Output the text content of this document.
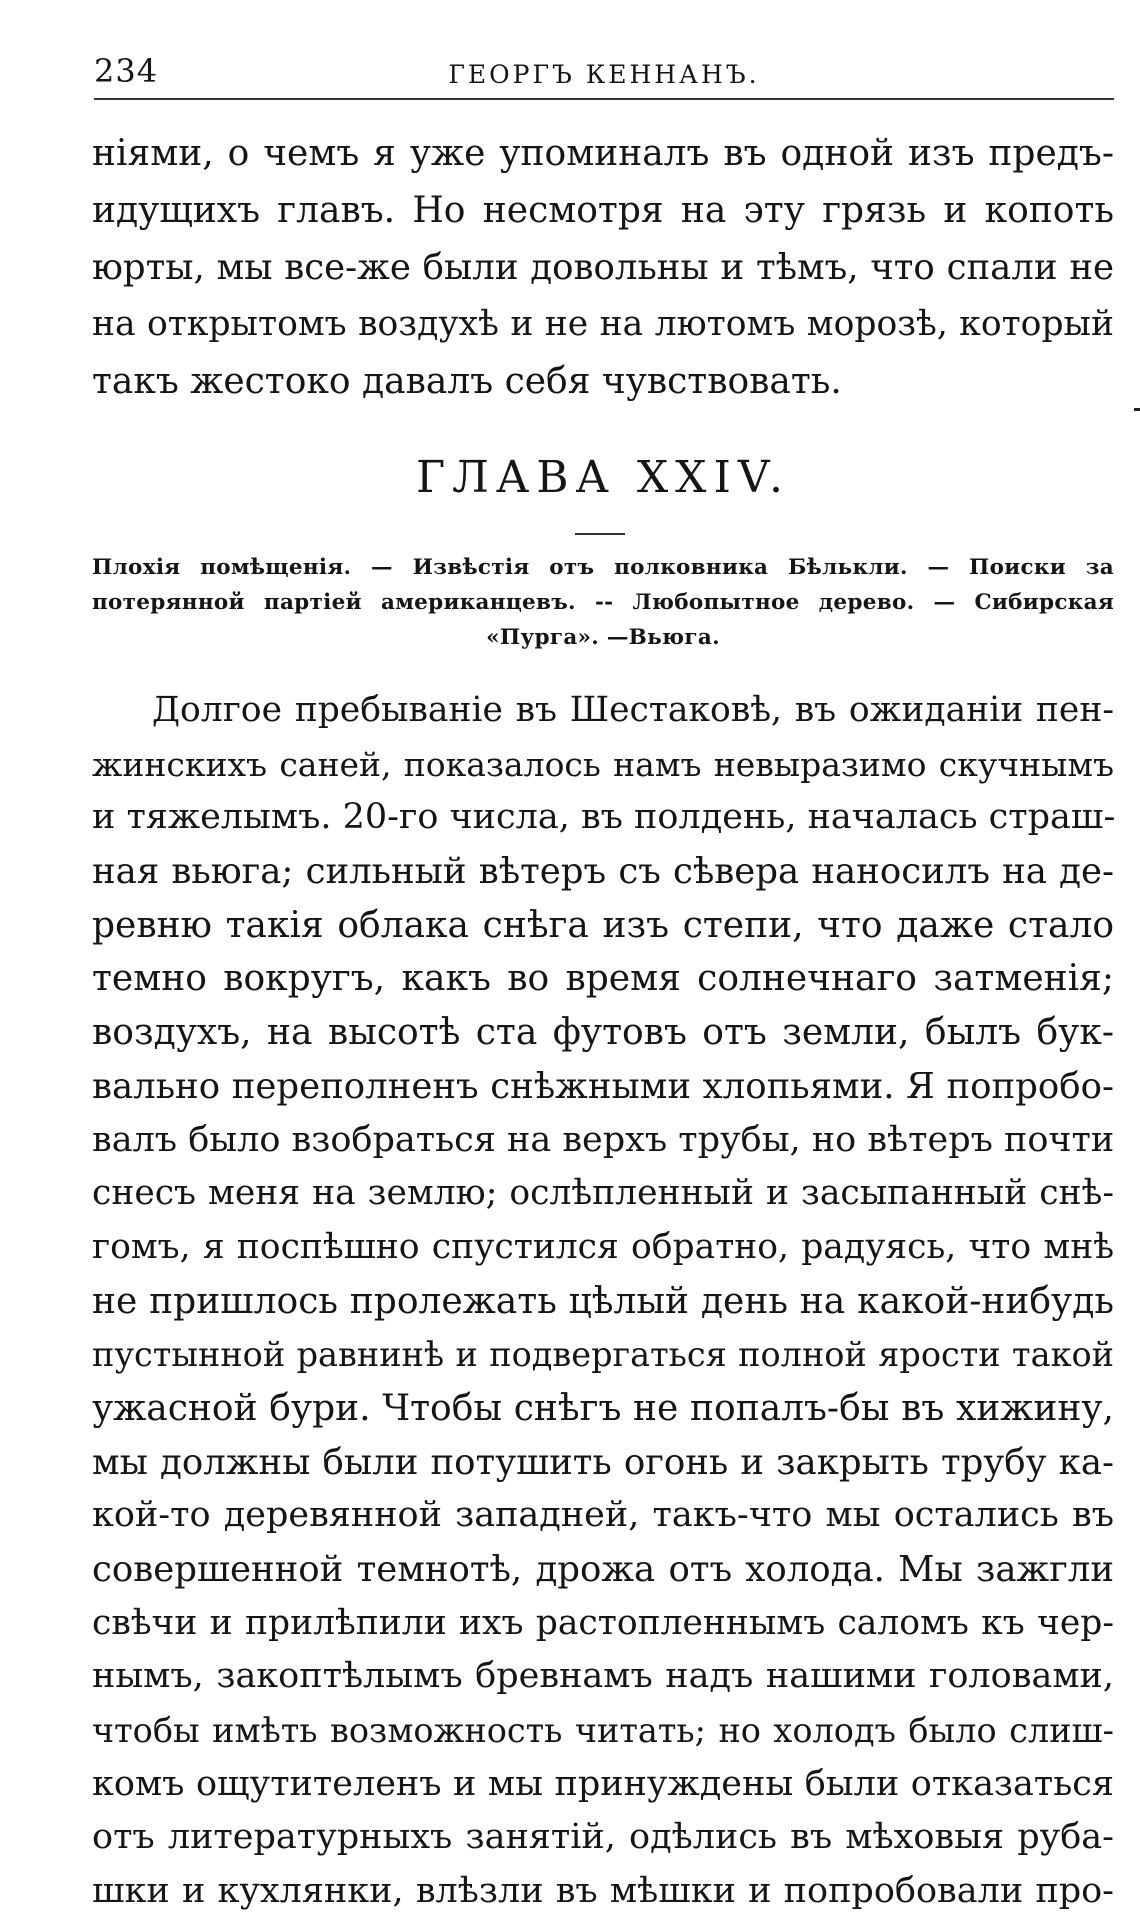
234	ГЕОРГЪ КЕННАНЪ.
ніями, о чемъ я уже упоминалъ въ одной изъ предъ-
идущихъ главъ. Но несмотря на эту грязь и копоть
юрты, мы все-же были довольны и тѣмъ, что спали не
на открытомъ воздухѣ и не на лютомъ морозѣ, который
такъ жестоко давалъ себя чувствовать.
ГЛАВА XXIV.
Плохія помѣщенія. — Извѣстія отъ полковника Бѣлькли. — Поиски за
потерянной партіей американцевъ. -- Любопытное дерево. — Сибирская
«Пурга». —Вьюга.
Долгое пребываніе въ Шестаковѣ, въ ожиданіи пен-
жинскихъ саней, показалось намъ невыразимо скучнымъ
и тяжелымъ. 20-го числа, въ полдень, началась страш-
ная вьюга; сильный вѣтеръ съ сѣвера наносилъ на де-
ревню такія облака снѣга изъ степи, что даже стало
темно вокругъ, какъ во время солнечнаго затменія;
воздухъ, на высотѣ ста футовъ отъ земли, былъ бук-
вально переполненъ снѣжными хлопьями. Я попробо-
валъ было взобраться на верхъ трубы, но вѣтеръ почти
снесъ меня на землю; ослѣпленный и засыпанный снѣ-
гомъ, я поспѣшно спустился обратно, радуясь, что мнѣ
не пришлось пролежать цѣлый день на какой-нибудь
пустынной равнинѣ и подвергаться полной ярости такой
ужасной бури. Чтобы снѣгъ не попалъ-бы въ хижину,
мы должны были потушить огонь и закрыть трубу ка-
кой-то деревянной западней, такъ-что мы остались въ
совершенной темнотѣ, дрожа отъ холода. Мы зажгли
свѣчи и прилѣпили ихъ растопленнымъ саломъ къ чер-
нымъ, закоптѣлымъ бревнамъ надъ нашими головами,
чтобы имѣть возможность читать; но холодъ было слиш-
комъ ощутителенъ и мы принуждены были отказаться
отъ литературныхъ занятій, одѣлись въ мѣховыя руба-
шки и кухлянки, влѣзли въ мѣшки и попробовали про-
